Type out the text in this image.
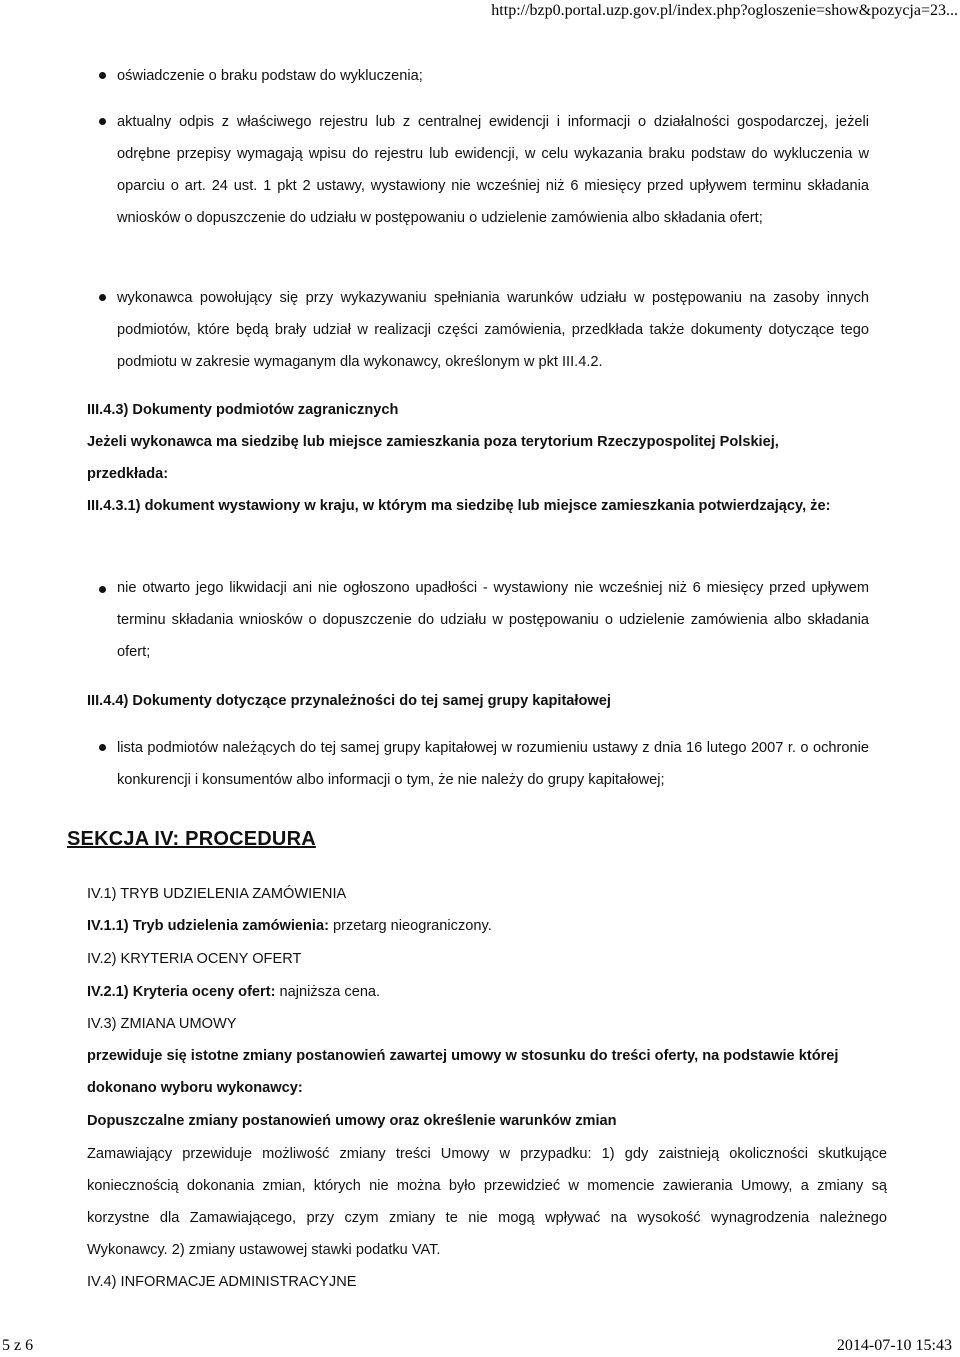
http://bzp0.portal.uzp.gov.pl/index.php?ogloszenie=show&pozycja=23...
oświadczenie o braku podstaw do wykluczenia;
aktualny odpis z właściwego rejestru lub z centralnej ewidencji i informacji o działalności gospodarczej, jeżeli odrębne przepisy wymagają wpisu do rejestru lub ewidencji, w celu wykazania braku podstaw do wykluczenia w oparciu o art. 24 ust. 1 pkt 2 ustawy, wystawiony nie wcześniej niż 6 miesięcy przed upływem terminu składania wniosków o dopuszczenie do udziału w postępowaniu o udzielenie zamówienia albo składania ofert;
wykonawca powołujący się przy wykazywaniu spełniania warunków udziału w postępowaniu na zasoby innych podmiotów, które będą brały udział w realizacji części zamówienia, przedkłada także dokumenty dotyczące tego podmiotu w zakresie wymaganym dla wykonawcy, określonym w pkt III.4.2.
III.4.3) Dokumenty podmiotów zagranicznych
Jeżeli wykonawca ma siedzibę lub miejsce zamieszkania poza terytorium Rzeczypospolitej Polskiej, przedkłada:
III.4.3.1) dokument wystawiony w kraju, w którym ma siedzibę lub miejsce zamieszkania potwierdzający, że:
nie otwarto jego likwidacji ani nie ogłoszono upadłości - wystawiony nie wcześniej niż 6 miesięcy przed upływem terminu składania wniosków o dopuszczenie do udziału w postępowaniu o udzielenie zamówienia albo składania ofert;
III.4.4) Dokumenty dotyczące przynależności do tej samej grupy kapitałowej
lista podmiotów należących do tej samej grupy kapitałowej w rozumieniu ustawy z dnia 16 lutego 2007 r. o ochronie konkurencji i konsumentów albo informacji o tym, że nie należy do grupy kapitałowej;
SEKCJA IV: PROCEDURA
IV.1) TRYB UDZIELENIA ZAMÓWIENIA
IV.1.1) Tryb udzielenia zamówienia: przetarg nieograniczony.
IV.2) KRYTERIA OCENY OFERT
IV.2.1) Kryteria oceny ofert: najniższa cena.
IV.3) ZMIANA UMOWY
przewiduje się istotne zmiany postanowień zawartej umowy w stosunku do treści oferty, na podstawie której dokonano wyboru wykonawcy:
Dopuszczalne zmiany postanowień umowy oraz określenie warunków zmian
Zamawiający przewiduje możliwość zmiany treści Umowy w przypadku: 1) gdy zaistnieją okoliczności skutkujące koniecznością dokonania zmian, których nie można było przewidzieć w momencie zawierania Umowy, a zmiany są korzystne dla Zamawiającego, przy czym zmiany te nie mogą wpływać na wysokość wynagrodzenia należnego Wykonawcy. 2) zmiany ustawowej stawki podatku VAT.
IV.4) INFORMACJE ADMINISTRACYJNE
5 z 6	2014-07-10 15:43
